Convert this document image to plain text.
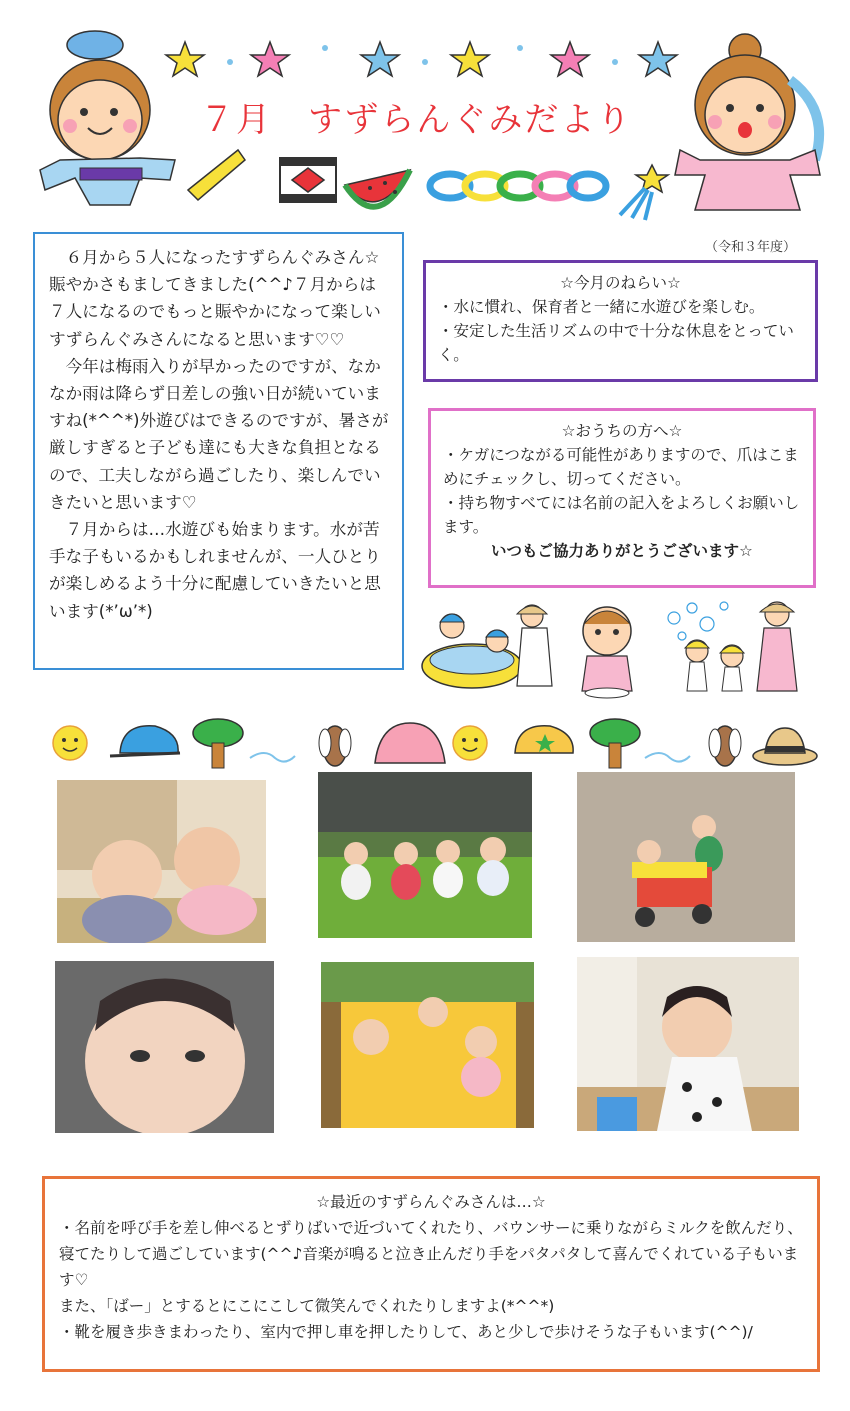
７月　すずらんぐみだより
（令和３年度）

６月から５人になったすずらんぐみさん☆賑やかさもましてきました(^^♪７月からは７人になるのでもっと賑やかになって楽しいすずらんぐみさんになると思います♡♡

今年は梅雨入りが早かったのですが、なかなか雨は降らず日差しの強い日が続いていますね(*^^*)外遊びはできるのですが、暑さが厳しすぎると子ども達にも大きな負担となるので、工夫しながら過ごしたり、楽しんでいきたいと思います♡

７月からは…水遊びも始まります。水が苦手な子もいるかもしれませんが、一人ひとりが楽しめるよう十分に配慮していきたいと思います(*’ω’*)

☆今月のねらい☆
・水に慣れ、保育者と一緒に水遊びを楽しむ。
・安定した生活リズムの中で十分な休息をとっていく。
☆おうちの方へ☆
・ケガにつながる可能性がありますので、爪はこまめにチェックし、切ってください。
・持ち物すべてには名前の記入をよろしくお願いします。
いつもご協力ありがとうございます☆
☆最近のすずらんぐみさんは…☆
・名前を呼び手を差し伸べるとずりばいで近づいてくれたり、バウンサーに乗りながらミルクを飲んだり、寝てたりして過ごしています(^^♪音楽が鳴ると泣き止んだり手をパタパタして喜んでくれている子もいます♡
また、「ばー」とするとにこにこして微笑んでくれたりしますよ(*^^*)
・靴を履き歩きまわったり、室内で押し車を押したりして、あと少しで歩けそうな子もいます(^^)/
